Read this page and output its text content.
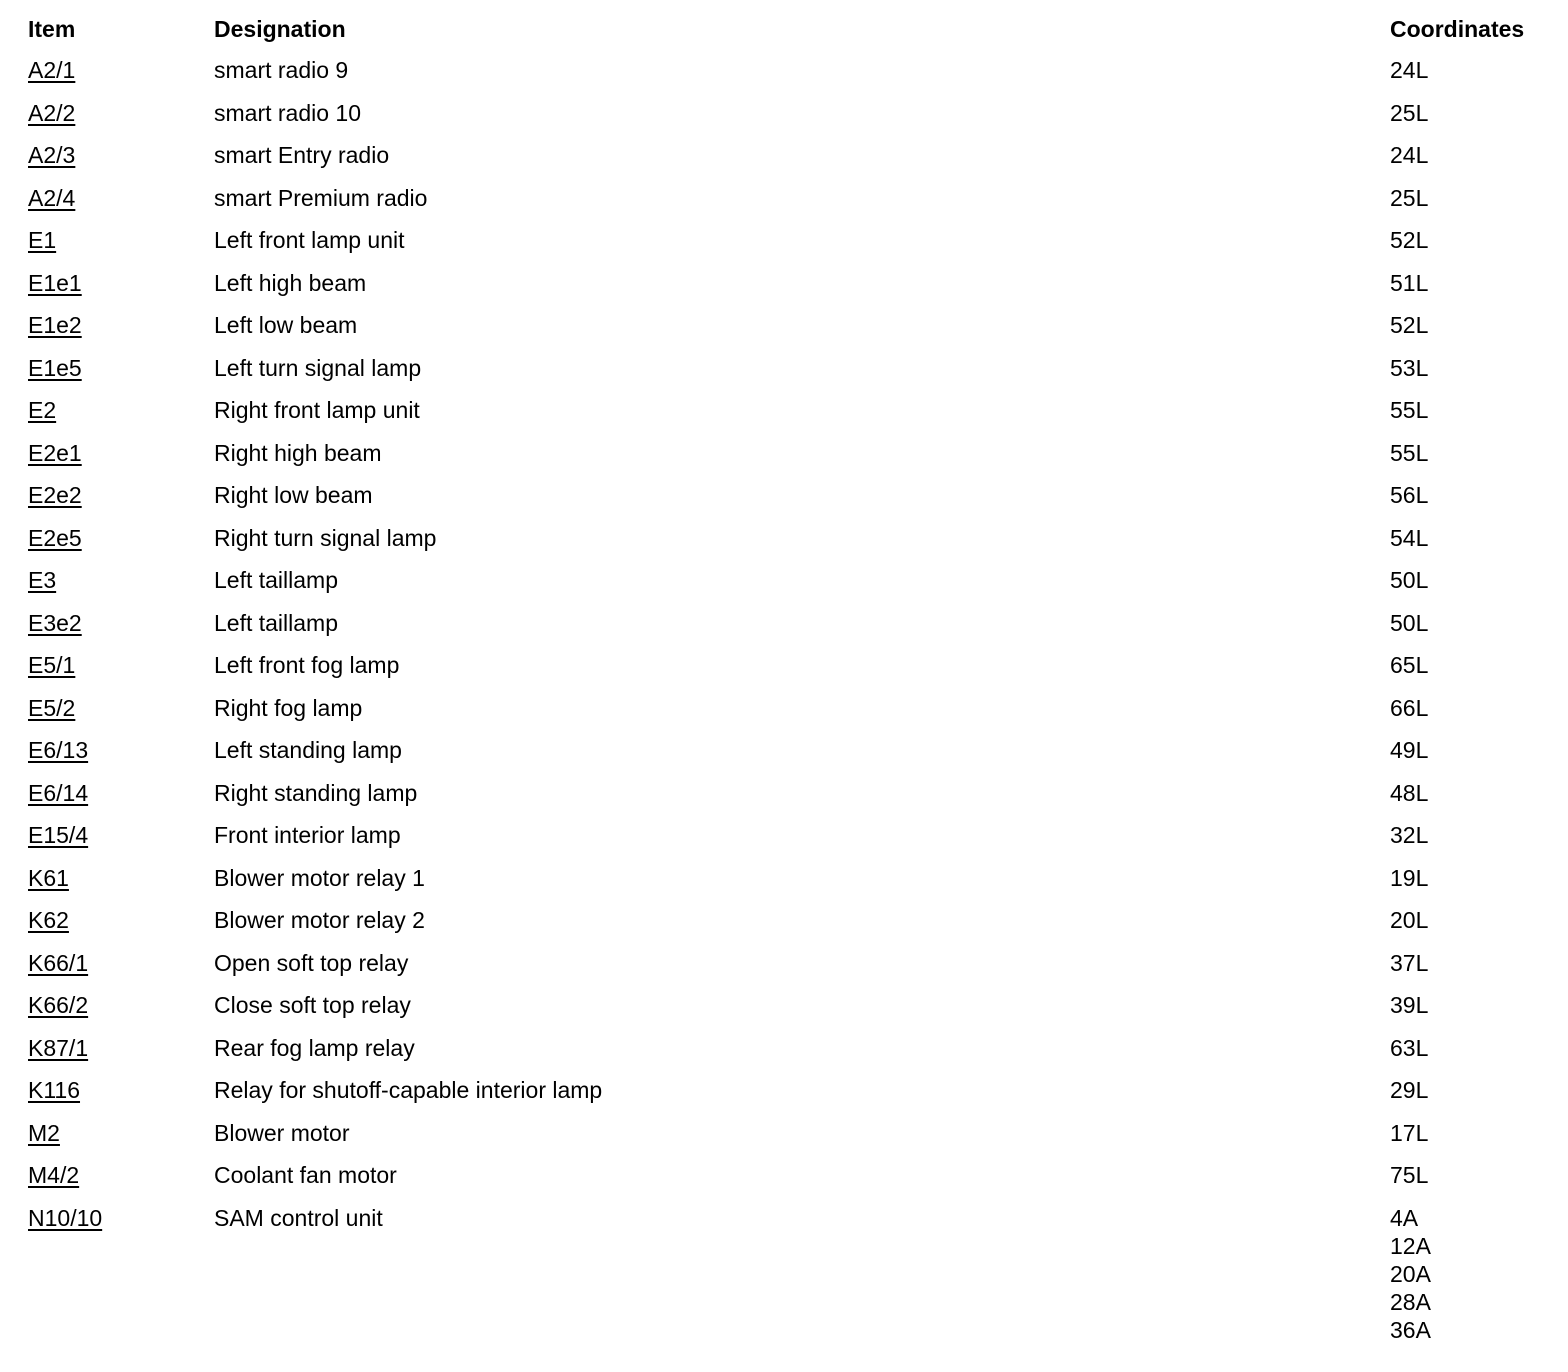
Item	Designation	Coordinates
A2/1	smart radio 9	24L

A2/2	smart radio 10	25L

A2/3	smart Entry radio	24L

A2/4	smart Premium radio	25L

E1	Left front lamp unit	52L

E1e1	Left high beam	51L

E1e2	Left low beam	52L

E1e5	Left turn signal lamp	53L

E2	Right front lamp unit	55L

E2e1	Right high beam	55L

E2e2	Right low beam	56L

E2e5	Right turn signal lamp	54L

E3	Left taillamp	50L

E3e2	Left taillamp	50L

E5/1	Left front fog lamp	65L

E5/2	Right fog lamp	66L

E6/13	Left standing lamp	49L

E6/14	Right standing lamp	48L

E15/4	Front interior lamp	32L

K61	Blower motor relay 1	19L

K62	Blower motor relay 2	20L

K66/1	Open soft top relay	37L

K66/2	Close soft top relay	39L

K87/1	Rear fog lamp relay	63L

K116	Relay for shutoff-capable interior lamp	29L

M2	Blower motor	17L

M4/2	Coolant fan motor	75L

N10/10	SAM control unit	4A
12A
20A
28A
36A
